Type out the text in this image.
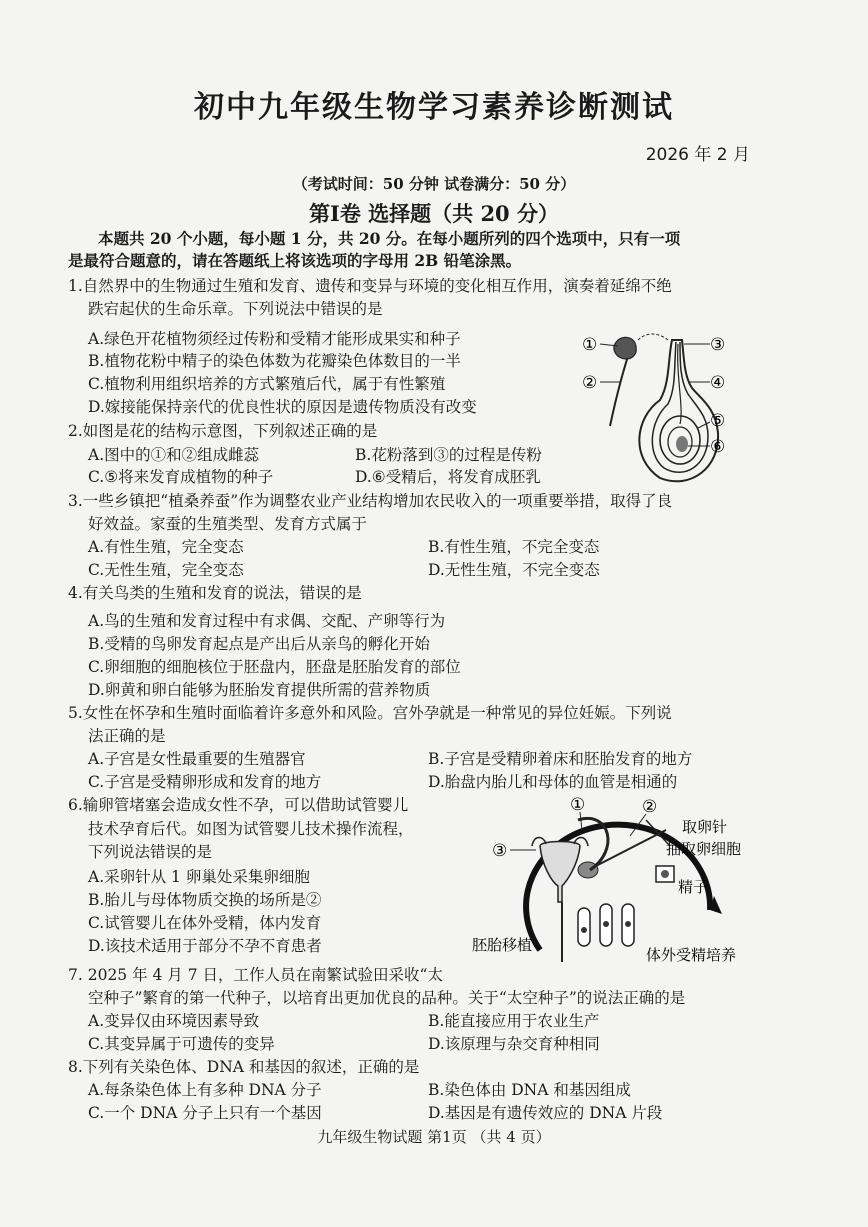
初中九年级生物学习素养诊断测试
2026 年 2 月
（考试时间：50 分钟 试卷满分：50 分）
第Ⅰ卷 选择题（共 20 分）
本题共 20 个小题，每小题 1 分，共 20 分。在每小题所列的四个选项中，只有一项
是最符合题意的，请在答题纸上将该选项的字母用 2B 铅笔涂黑。
1.自然界中的生物通过生殖和发育、遗传和变异与环境的变化相互作用，演奏着延绵不绝
跌宕起伏的生命乐章。下列说法中错误的是
A.绿色开花植物须经过传粉和受精才能形成果实和种子
B.植物花粉中精子的染色体数为花瓣染色体数目的一半
C.植物利用组织培养的方式繁殖后代，属于有性繁殖
D.嫁接能保持亲代的优良性状的原因是遗传物质没有改变
2.如图是花的结构示意图，下列叙述正确的是
A.图中的①和②组成雌蕊	B.花粉落到③的过程是传粉
C.⑤将来发育成植物的种子	D.⑥受精后，将发育成胚乳
①
②
③
④
⑤
⑥
3.一些乡镇把“植桑养蚕”作为调整农业产业结构增加农民收入的一项重要举措，取得了良
好效益。家蚕的生殖类型、发育方式属于
A.有性生殖，完全变态	B.有性生殖，不完全变态
C.无性生殖，完全变态	D.无性生殖，不完全变态
4.有关鸟类的生殖和发育的说法，错误的是
A.鸟的生殖和发育过程中有求偶、交配、产卵等行为
B.受精的鸟卵发育起点是产出后从亲鸟的孵化开始
C.卵细胞的细胞核位于胚盘内，胚盘是胚胎发育的部位
D.卵黄和卵白能够为胚胎发育提供所需的营养物质
5.女性在怀孕和生殖时面临着许多意外和风险。宫外孕就是一种常见的异位妊娠。下列说
法正确的是
A.子宫是女性最重要的生殖器官	B.子宫是受精卵着床和胚胎发育的地方
C.子宫是受精卵形成和发育的地方	D.胎盘内胎儿和母体的血管是相通的
6.输卵管堵塞会造成女性不孕，可以借助试管婴儿
技术孕育后代。如图为试管婴儿技术操作流程，
下列说法错误的是
A.采卵针从 1 卵巢处采集卵细胞
B.胎儿与母体物质交换的场所是②
C.试管婴儿在体外受精，体内发育
D.该技术适用于部分不孕不育患者
①	②
③
取卵针
抽取卵细胞
精子
胚胎移植
体外受精培养
7. 2025 年 4 月 7 日，工作人员在南繁试验田采收“太
空种子”繁育的第一代种子，以培育出更加优良的品种。关于“太空种子”的说法正确的是
A.变异仅由环境因素导致	B.能直接应用于农业生产
C.其变异属于可遗传的变异	D.该原理与杂交育种相同
8.下列有关染色体、DNA 和基因的叙述，正确的是
A.每条染色体上有多种 DNA 分子	B.染色体由 DNA 和基因组成
C.一个 DNA 分子上只有一个基因	D.基因是有遗传效应的 DNA 片段
九年级生物试题 第1页 （共 4 页）
